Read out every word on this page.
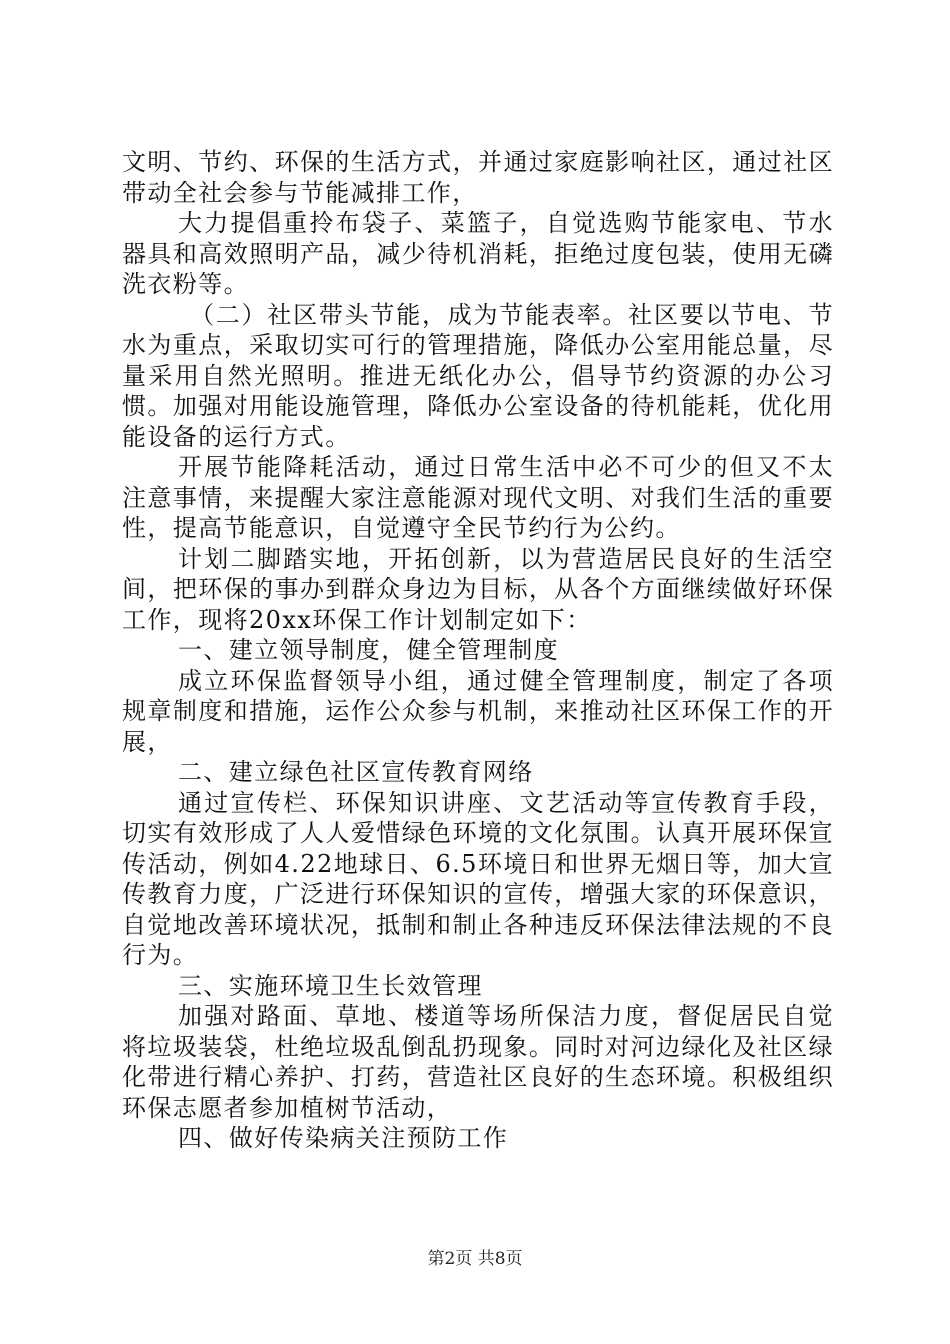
文明、节约、环保的生活方式，并通过家庭影响社区，通过社区带动全社会参与节能减排工作，

大力提倡重拎布袋子、菜篮子，自觉选购节能家电、节水器具和高效照明产品，减少待机消耗，拒绝过度包装，使用无磷洗衣粉等。

（二）社区带头节能，成为节能表率。社区要以节电、节水为重点，采取切实可行的管理措施，降低办公室用能总量，尽量采用自然光照明。推进无纸化办公，倡导节约资源的办公习惯。加强对用能设施管理，降低办公室设备的待机能耗，优化用能设备的运行方式。

开展节能降耗活动，通过日常生活中必不可少的但又不太注意事情，来提醒大家注意能源对现代文明、对我们生活的重要性，提高节能意识，自觉遵守全民节约行为公约。

计划二脚踏实地，开拓创新，以为营造居民良好的生活空间，把环保的事办到群众身边为目标，从各个方面继续做好环保工作，现将20xx环保工作计划制定如下：

一、建立领导制度，健全管理制度

成立环保监督领导小组，通过健全管理制度，制定了各项规章制度和措施，运作公众参与机制，来推动社区环保工作的开展，

二、建立绿色社区宣传教育网络

通过宣传栏、环保知识讲座、文艺活动等宣传教育手段，切实有效形成了人人爱惜绿色环境的文化氛围。认真开展环保宣传活动，例如4.22地球日、6.5环境日和世界无烟日等，加大宣传教育力度，广泛进行环保知识的宣传，增强大家的环保意识，自觉地改善环境状况，抵制和制止各种违反环保法律法规的不良行为。

三、实施环境卫生长效管理

加强对路面、草地、楼道等场所保洁力度，督促居民自觉将垃圾装袋，杜绝垃圾乱倒乱扔现象。同时对河边绿化及社区绿化带进行精心养护、打药，营造社区良好的生态环境。积极组织环保志愿者参加植树节活动，

四、做好传染病关注预防工作

第2页 共8页
